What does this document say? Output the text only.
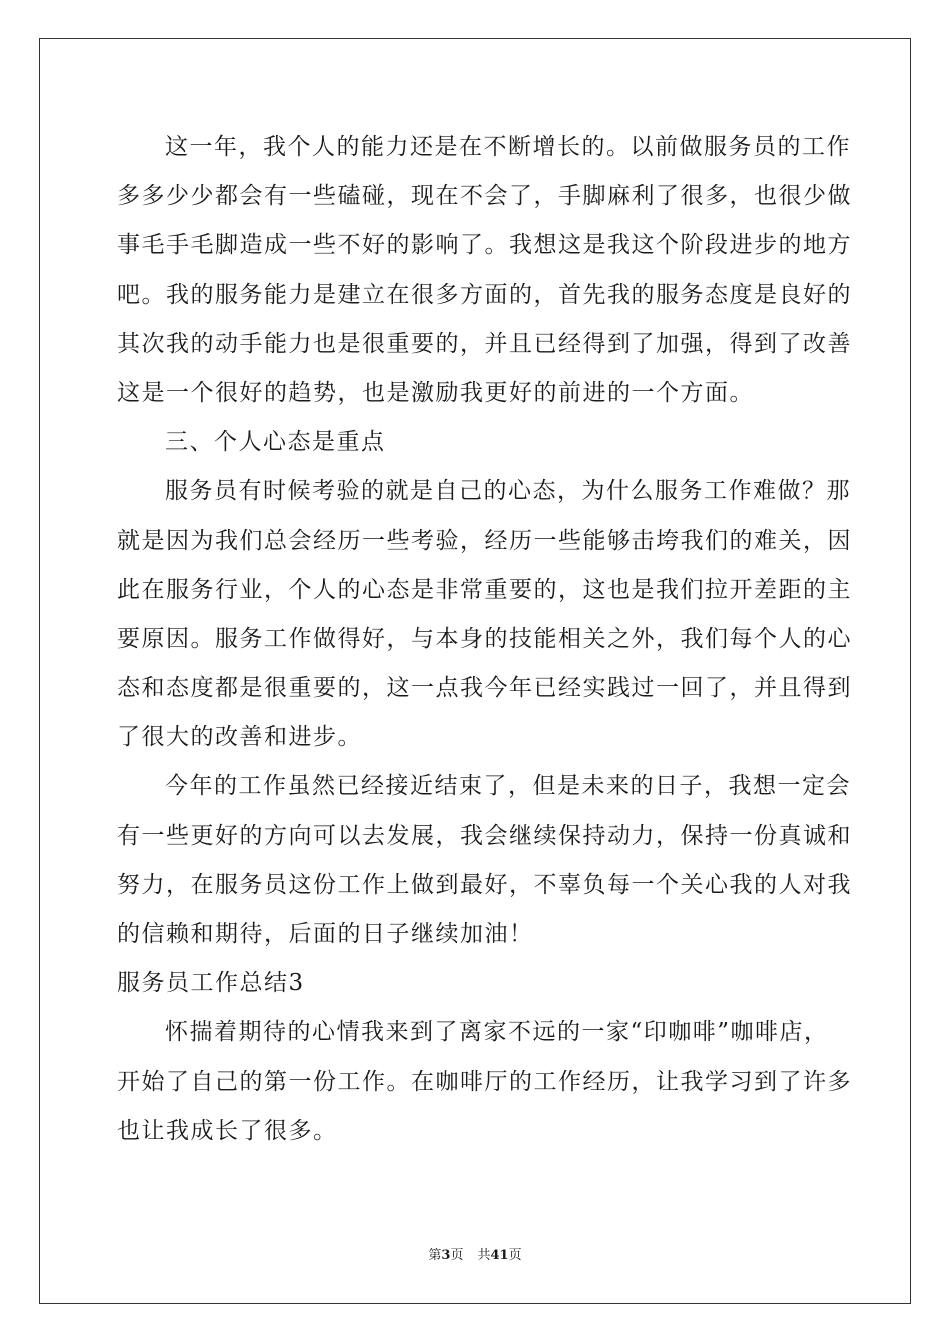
这一年，我个人的能力还是在不断增长的。以前做服务员的工作
多多少少都会有一些磕碰，现在不会了，手脚麻利了很多，也很少做
事毛手毛脚造成一些不好的影响了。我想这是我这个阶段进步的地方
吧。我的服务能力是建立在很多方面的，首先我的服务态度是良好的
其次我的动手能力也是很重要的，并且已经得到了加强，得到了改善
这是一个很好的趋势，也是激励我更好的前进的一个方面。
三、个人心态是重点
服务员有时候考验的就是自己的心态，为什么服务工作难做？那
就是因为我们总会经历一些考验，经历一些能够击垮我们的难关，因
此在服务行业，个人的心态是非常重要的，这也是我们拉开差距的主
要原因。服务工作做得好，与本身的技能相关之外，我们每个人的心
态和态度都是很重要的，这一点我今年已经实践过一回了，并且得到
了很大的改善和进步。
今年的工作虽然已经接近结束了，但是未来的日子，我想一定会
有一些更好的方向可以去发展，我会继续保持动力，保持一份真诚和
努力，在服务员这份工作上做到最好，不辜负每一个关心我的人对我
的信赖和期待，后面的日子继续加油！
服务员工作总结3
怀揣着期待的心情我来到了离家不远的一家“印咖啡”咖啡店，
开始了自己的第一份工作。在咖啡厅的工作经历，让我学习到了许多
也让我成长了很多。
第3页 共41页
